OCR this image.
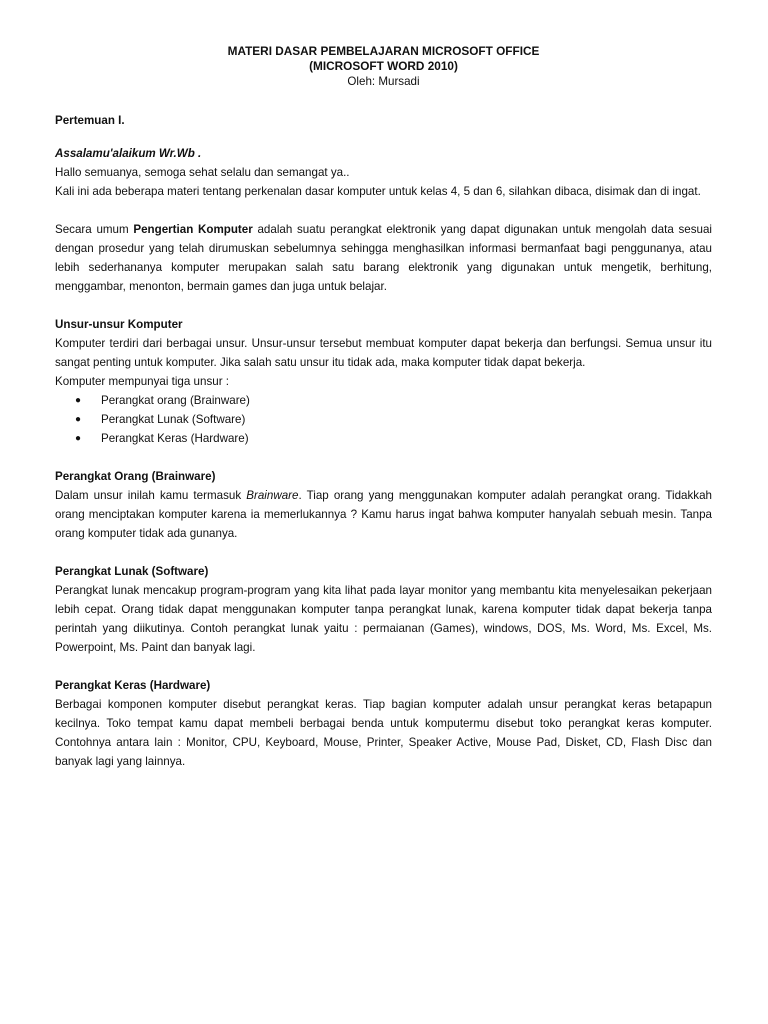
MATERI DASAR PEMBELAJARAN MICROSOFT OFFICE
(MICROSOFT WORD 2010)
Oleh: Mursadi

Pertemuan I.

Assalamu'alaikum Wr.Wb .

Hallo semuanya, semoga sehat selalu dan semangat ya..

Kali ini ada beberapa materi tentang perkenalan dasar komputer untuk kelas 4, 5 dan 6, silahkan dibaca, disimak dan di ingat.

Secara umum Pengertian Komputer adalah suatu perangkat elektronik yang dapat digunakan untuk mengolah data sesuai dengan prosedur yang telah dirumuskan sebelumnya sehingga menghasilkan informasi bermanfaat bagi penggunanya, atau lebih sederhananya komputer merupakan salah satu barang elektronik yang digunakan untuk mengetik, berhitung, menggambar, menonton, bermain games dan juga untuk belajar.

Unsur-unsur Komputer

Komputer terdiri dari berbagai unsur. Unsur-unsur tersebut membuat komputer dapat bekerja dan berfungsi. Semua unsur itu sangat penting untuk komputer. Jika salah satu unsur itu tidak ada, maka komputer tidak dapat bekerja.

Komputer mempunyai tiga unsur :

● Perangkat orang (Brainware)
● Perangkat Lunak (Software)
● Perangkat Keras (Hardware)

Perangkat Orang (Brainware)

Dalam unsur inilah kamu termasuk Brainware. Tiap orang yang menggunakan komputer adalah perangkat orang. Tidakkah orang menciptakan komputer karena ia memerlukannya ? Kamu harus ingat bahwa komputer hanyalah sebuah mesin. Tanpa orang komputer tidak ada gunanya.

Perangkat Lunak (Software)

Perangkat lunak mencakup program-program yang kita lihat pada layar monitor yang membantu kita menyelesaikan pekerjaan lebih cepat. Orang tidak dapat menggunakan komputer tanpa perangkat lunak, karena komputer tidak dapat bekerja tanpa perintah yang diikutinya. Contoh perangkat lunak yaitu : permaianan (Games), windows, DOS, Ms. Word, Ms. Excel, Ms. Powerpoint, Ms. Paint dan banyak lagi.

Perangkat Keras (Hardware)

Berbagai komponen komputer disebut perangkat keras. Tiap bagian komputer adalah unsur perangkat keras betapapun kecilnya. Toko tempat kamu dapat membeli berbagai benda untuk komputermu disebut toko perangkat keras komputer. Contohnya antara lain : Monitor, CPU, Keyboard, Mouse, Printer, Speaker Active, Mouse Pad, Disket, CD, Flash Disc dan banyak lagi yang lainnya.
